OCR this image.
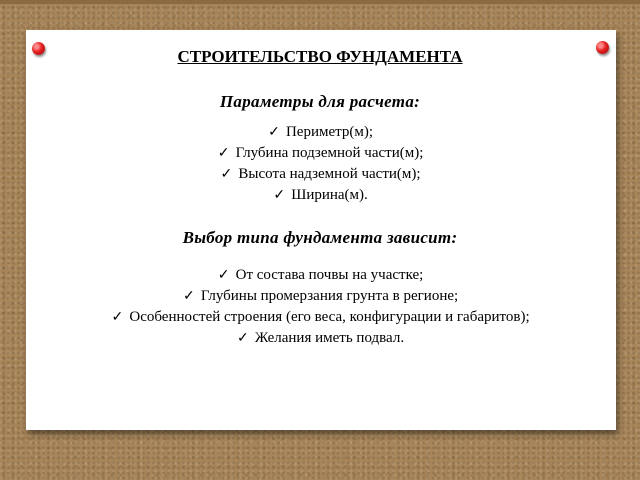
СТРОИТЕЛЬСТВО ФУНДАМЕНТА
Параметры для расчета:
✓ Периметр(м);
✓ Глубина подземной части(м);
✓ Высота надземной части(м);
✓ Ширина(м).
Выбор типа фундамента зависит:
✓ От состава почвы на участке;
✓ Глубины промерзания грунта в регионе;
✓ Особенностей строения (его веса, конфигурации и габаритов);
✓ Желания иметь подвал.
